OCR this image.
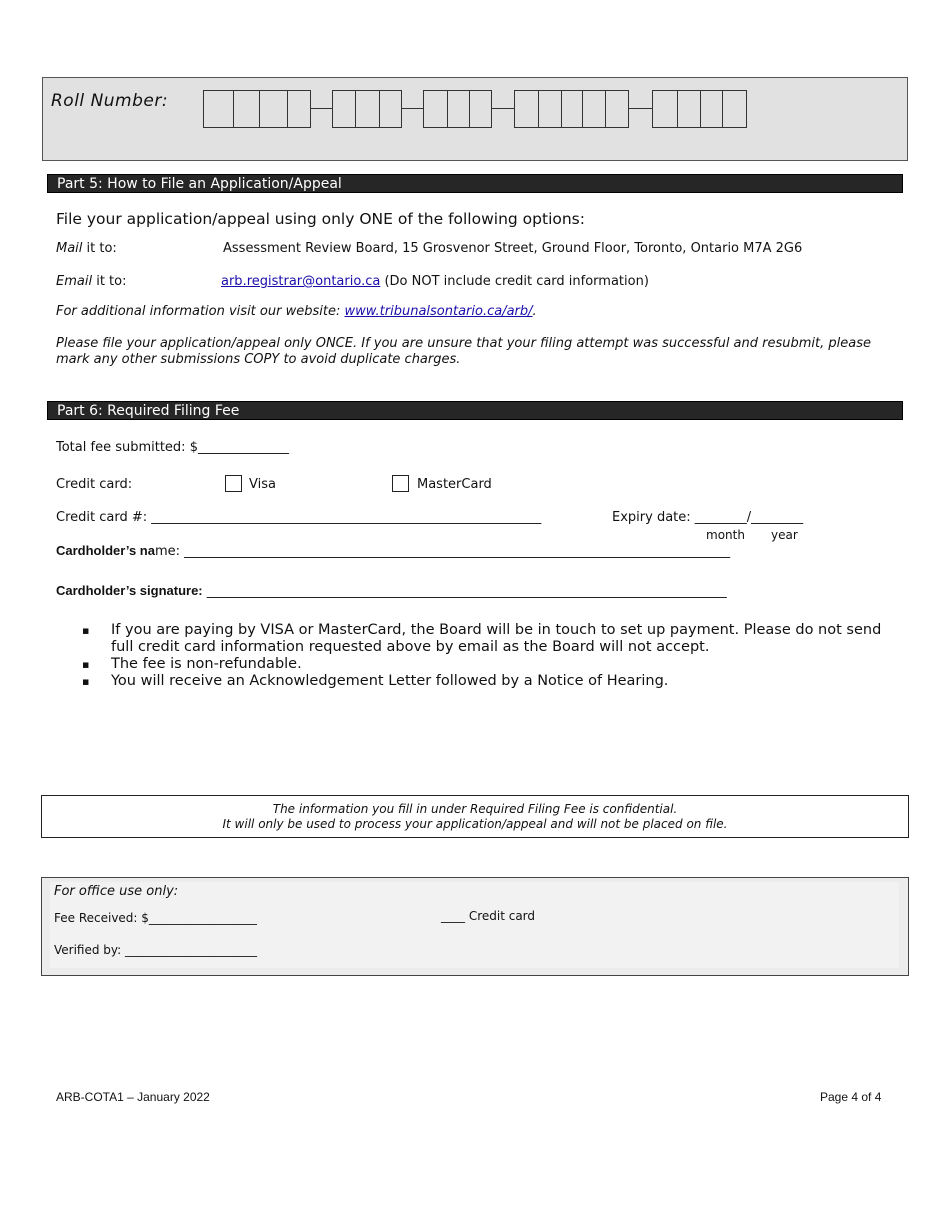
Roll Number:
Part 5: How to File an Application/Appeal
File your application/appeal using only ONE of the following options:
Mail it to:	Assessment Review Board, 15 Grosvenor Street, Ground Floor, Toronto, Ontario M7A 2G6
Email it to:	arb.registrar@ontario.ca (Do NOT include credit card information)
For additional information visit our website: www.tribunalsontario.ca/arb/.
Please file your application/appeal only ONCE. If you are unsure that your filing attempt was successful and resubmit, please
mark any other submissions COPY to avoid duplicate charges.
Part 6: Required Filing Fee
Total fee submitted: $______________
Credit card:	Visa	MasterCard
Credit card #: ____________________________________________________________	Expiry date: ________/________
month year
Cardholder’s name: ____________________________________________________________________________________
Cardholder’s signature: ________________________________________________________________________________
▪ If you are paying by VISA or MasterCard, the Board will be in touch to set up payment. Please do not send full credit card information requested above by email as the Board will not accept.
▪ The fee is non-refundable.
▪ You will receive an Acknowledgement Letter followed by a Notice of Hearing.
The information you fill in under Required Filing Fee is confidential.
It will only be used to process your application/appeal and will not be placed on file.
For office use only:
Fee Received: $__________________	____ Credit card
Verified by: ______________________
ARB-COTA1 – January 2022	Page 4 of 4
